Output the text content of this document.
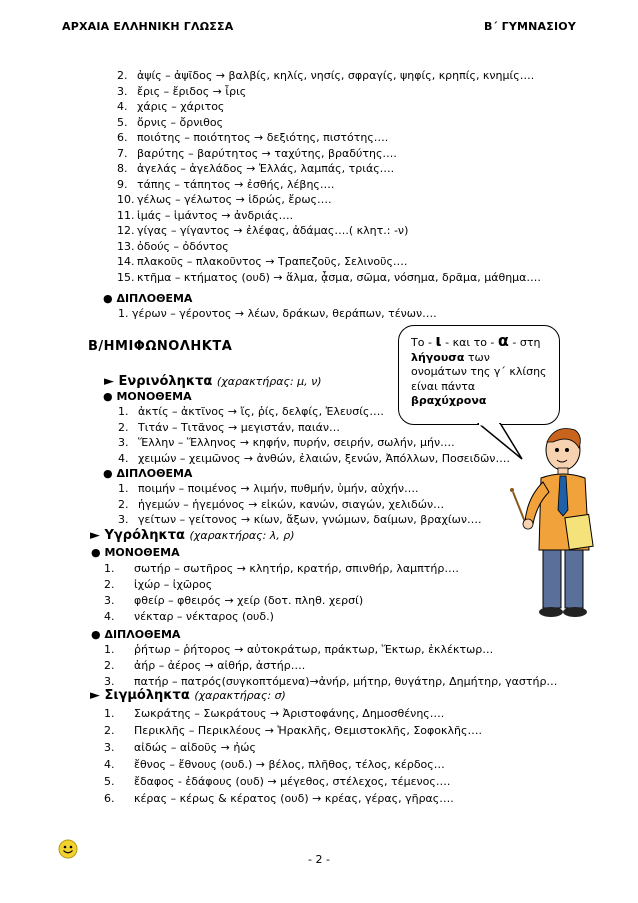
ΑΡΧΑΙΑ ΕΛΛΗΝΙΚΗ ΓΛΩΣΣΑ	Β΄ ΓΥΜΝΑΣΙΟΥ
2. ἀψίς – ἀψῖδος → βαλβίς, κηλίς, νησίς, σφραγίς, ψηφίς, κρηπίς, κνημίς….
3. ἔρις – ἔριδος → ἶρις
4. χάρις – χάριτος
5. ὄρνις – ὄρνιθος
6. ποιότης – ποιότητος → δεξιότης, πιστότης….
7. βαρύτης – βαρύτητος → ταχύτης, βραδύτης….
8. ἀγελάς – ἀγελάδος → Ἑλλάς, λαμπάς, τριάς….
9. τάπης – τάπητος → ἐσθής, λέβης….
10. γέλως – γέλωτος → ἱδρώς, ἔρως….
11. ἱμάς – ἱμάντος → ἀνδριάς….
12. γίγας – γίγαντος → ἐλέφας, ἀδάμας….( κλητ.: -ν)
13. ὀδούς – ὀδόντος
14. πλακοῦς – πλακοῦντος → Τραπεζοῦς, Σελινοῦς….
15. κτῆμα – κτήματος (ουδ) → ἅλμα, ᾆσμα, σῶμα, νόσημα, δρᾶμα, μάθημα….
● ΔΙΠΛΟΘΕΜΑ
1. γέρων – γέροντος → λέων, δράκων, θεράπων, τένων….
Β/ΗΜΙΦΩΝΟΛΗΚΤΑ	Το - ι - και το - α - στη
λήγουσα των
ονομάτων της γ΄ κλίσης
είναι πάντα
βραχύχρονα
► Ενρινόληκτα (χαρακτήρας: μ, ν)
● ΜΟΝΟΘΕΜΑ
1. ἀκτίς – ἀκτῖνος → ἴς, ῥίς, δελφίς, Ἐλευσίς….
2. Τιτάν – Τιτᾶνος → μεγιστάν, παιάν…
3. Ἕλλην – Ἕλληνος → κηφήν, πυρήν, σειρήν, σωλήν, μήν….
4. χειμών – χειμῶνος → ἀνθών, ἐλαιών, ξενών, Ἀπόλλων, Ποσειδῶν….
● ΔΙΠΛΟΘΕΜΑ
1. ποιμήν – ποιμένος → λιμήν, πυθμήν, ὑμήν, αὐχήν….
2. ἡγεμών – ἡγεμόνος → εἰκών, κανών, σιαγών, χελιδών…
3. γείτων – γείτονος → κίων, ἄξων, γνώμων, δαίμων, βραχίων….
► Υγρόληκτα (χαρακτήρας: λ, ρ)
● ΜΟΝΟΘΕΜΑ
1. σωτήρ – σωτῆρος → κλητήρ, κρατήρ, σπινθήρ, λαμπτήρ….
2. ἰχώρ – ἰχῶρος
3. φθείρ – φθειρός → χείρ (δοτ. πληθ. χερσί)
4. νέκταρ – νέκταρος (ουδ.)
● ΔΙΠΛΟΘΕΜΑ
1. ῥήτωρ – ῥήτορος → αὐτοκράτωρ, πράκτωρ, Ἕκτωρ, ἐκλέκτωρ…
2. ἀήρ – ἀέρος → αἰθήρ, ἀστήρ….
3. πατήρ – πατρός(συγκοπτόμενα)→ἀνήρ, μήτηρ, θυγάτηρ, Δημήτηρ, γαστήρ…
► Σιγμόληκτα (χαρακτήρας: σ)
1. Σωκράτης – Σωκράτους → Ἀριστοφάνης, Δημοσθένης….
2. Περικλῆς – Περικλέους → Ἡρακλῆς, Θεμιστοκλῆς, Σοφοκλῆς….
3. αἰδώς – αἰδοῦς → ἠώς
4. ἔθνος – ἔθνους (ουδ.) → βέλος, πλῆθος, τέλος, κέρδος…
5. ἔδαφος - ἐδάφους (ουδ) → μέγεθος, στέλεχος, τέμενος….
6. κέρας – κέρως & κέρατος (ουδ) → κρέας, γέρας, γῆρας….
- 2 -
